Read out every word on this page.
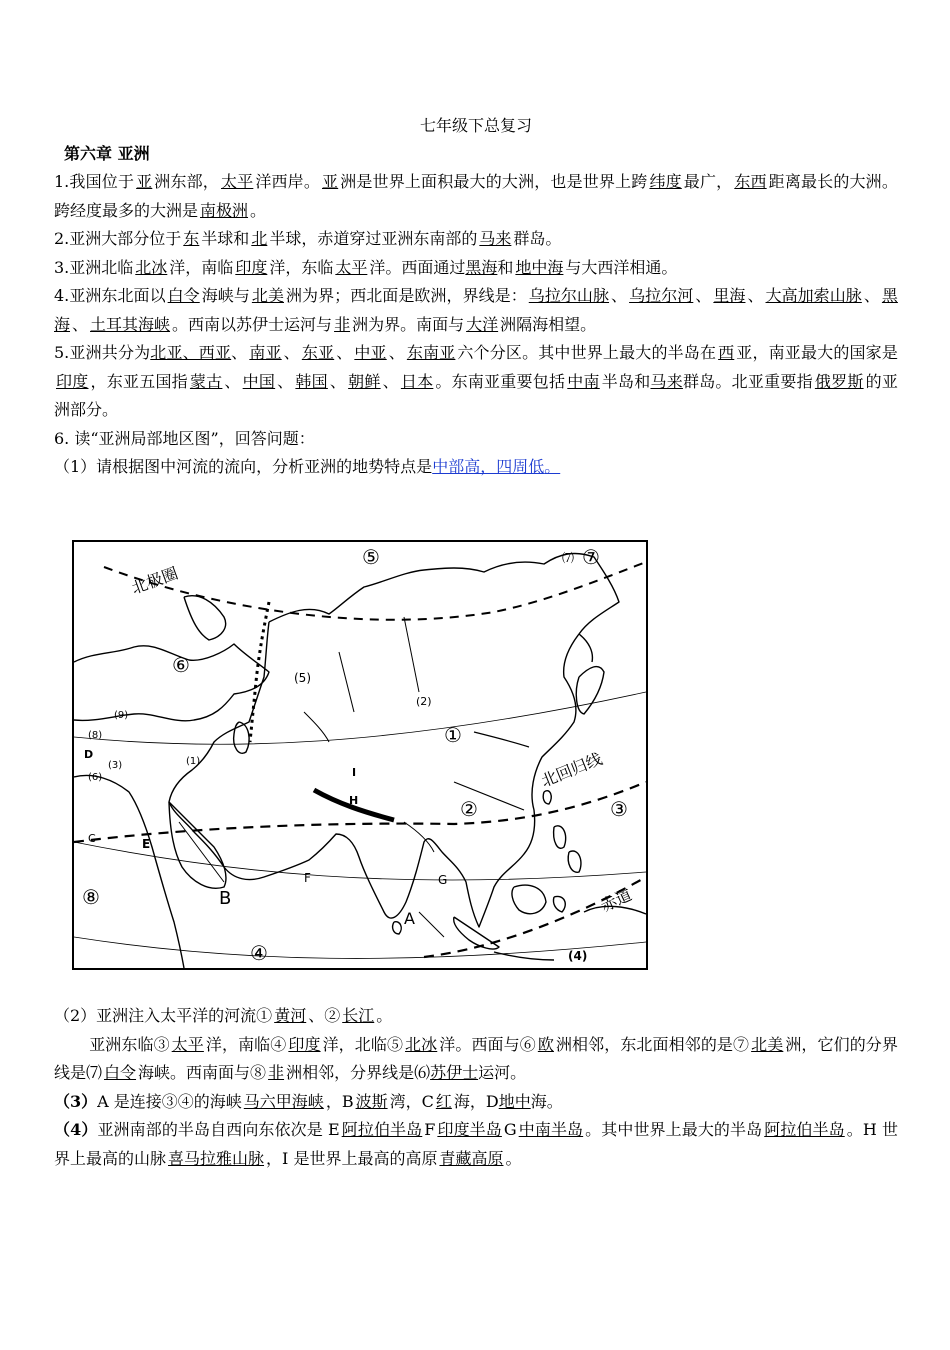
七年级下总复习

第六章 亚洲

1.我国位于 亚 洲东部， 太平 洋西岸。 亚 洲是世界上面积最大的大洲，也是世界上跨 纬度 最广， 东西 距离最长的大洲。跨经度最多的大洲是 南极洲 。

2.亚洲大部分位于 东 半球和 北 半球，赤道穿过亚洲东南部的 马来 群岛。

3.亚洲北临 北冰 洋，南临 印度 洋，东临 太平 洋。西面通过黑海和 地中海 与大西洋相通。

4.亚洲东北面以 白令 海峡与 北美 洲为界；西北面是欧洲，界线是： 乌拉尔山脉 、 乌拉尔河 、 里海 、 大高加索山脉 、 黑海 、 土耳其海峡 。西南以苏伊士运河与 非 洲为界。南面与 大洋 洲隔海相望。

5.亚洲共分为北亚、西亚、 南亚 、 东亚 、 中亚 、 东南亚 六个分区。其中世界上最大的半岛在 西 亚，南亚最大的国家是印度 ，东亚五国指 蒙古 、 中国 、 韩国 、 朝鲜 、 日本 。东南亚重要包括 中南 半岛和马来群岛。北亚重要指 俄罗斯 的亚洲部分。

6. 读“亚洲局部地区图”，回答问题：

（1）请根据图中河流的流向，分析亚洲的地势特点是中部高，四周低。

北极圈
北回归线
赤道
⑤	⑺ ⑦
⑥
(5)
(2)
①
②	③
⑧
④	(4)
(8)
(9)
(1)
(3)
(6)
D
C	E
B
F	G
A
H
I

（2）亚洲注入太平洋的河流① 黄河 、② 长江 。

亚洲东临③ 太平 洋，南临④ 印度 洋，北临⑤ 北冰 洋。西面与⑥ 欧 洲相邻，东北面相邻的是⑦ 北美 洲，它们的分界线是⑺ 白令 海峡。西南面与⑧ 非 洲相邻，分界线是⑹苏伊士运河。

（3）A 是连接③④的海峡 马六甲海峡 ，B 波斯 湾，C 红 海，D地中海。

（4）亚洲南部的半岛自西向东依次是 E 阿拉伯半岛 F 印度半岛 G 中南半岛 。其中世界上最大的半岛 阿拉伯半岛 。H 世界上最高的山脉 喜马拉雅山脉 ，I 是世界上最高的高原 青藏高原 。
